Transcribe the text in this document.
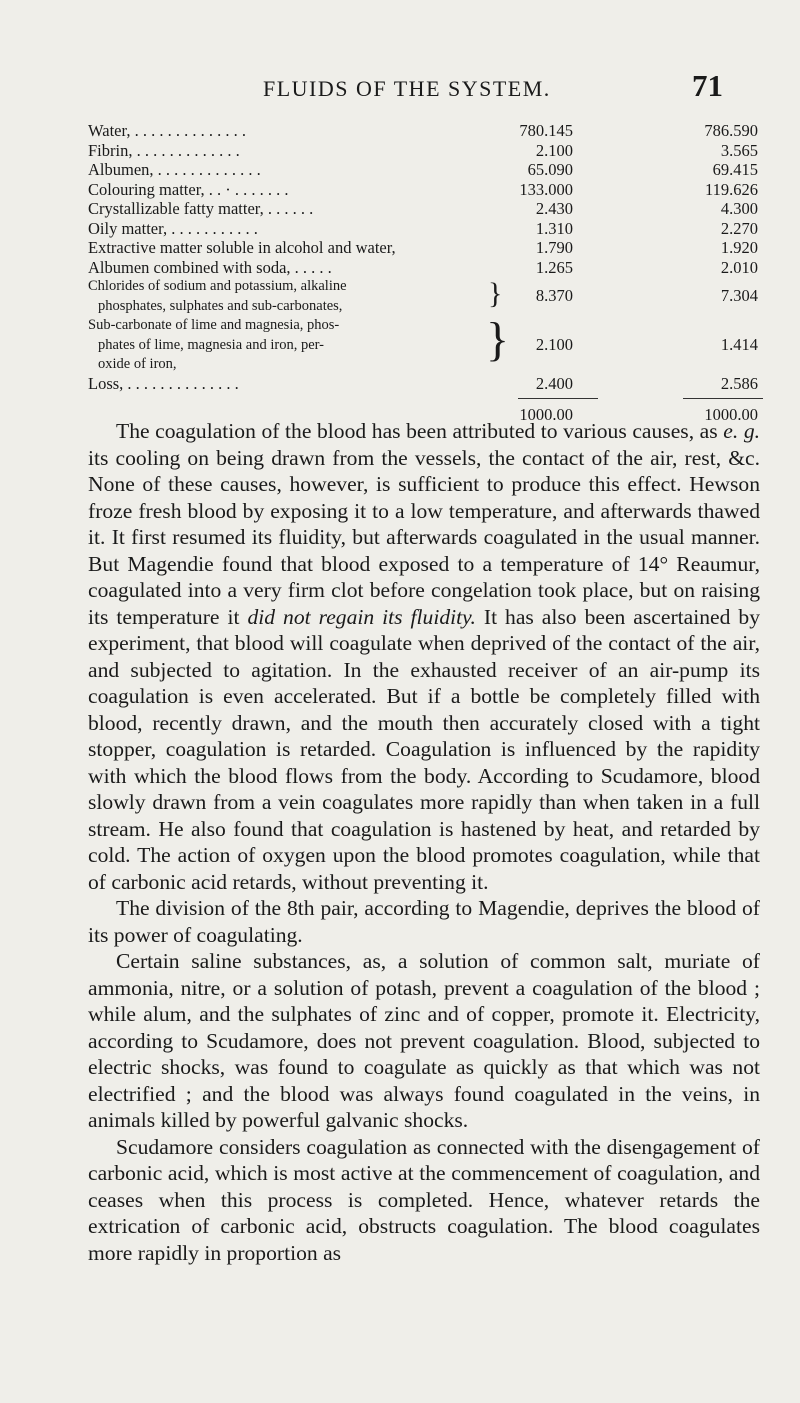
FLUIDS OF THE SYSTEM.	71
Water, . . . . . . . . . . . . . .	780.145	786.590
Fibrin, . . . . . . . . . . . . .	2.100	3.565
Albumen, . . . . . . . . . . . . .	65.090	69.415
Colouring matter, . . · . . . . . . .	133.000	119.626
Crystallizable fatty matter, . . . . . .	2.430	4.300
Oily matter, . . . . . . . . . . .	1.310	2.270
Extractive matter soluble in alcohol and water,	1.790	1.920
Albumen combined with soda, . . . . .	1.265	2.010
Chlorides of sodium and potassium, alkaline
phosphates, sulphates and sub-carbonates,	} 8.370	7.304
Sub-carbonate of lime and magnesia, phos-
phates of lime, magnesia and iron, per-
oxide of iron,	} 2.100	1.414
Loss, . . . . . . . . . . . . . .	2.400	2.586
1000.00	1000.00

The coagulation of the blood has been attributed to various causes, as e. g. its cooling on being drawn from the vessels, the contact of the air, rest, &c. None of these causes, however, is sufficient to produce this effect. Hewson froze fresh blood by exposing it to a low temperature, and afterwards thawed it. It first resumed its fluidity, but afterwards coagulated in the usual manner. But Magendie found that blood exposed to a temperature of 14° Reaumur, coagulated into a very firm clot before congelation took place, but on raising its temperature it did not regain its fluidity. It has also been ascertained by experiment, that blood will coagulate when deprived of the contact of the air, and subjected to agitation. In the exhausted receiver of an air-pump its coagulation is even accelerated. But if a bottle be completely filled with blood, recently drawn, and the mouth then accurately closed with a tight stopper, coagulation is retarded. Coagulation is influenced by the rapidity with which the blood flows from the body. According to Scudamore, blood slowly drawn from a vein coagulates more rapidly than when taken in a full stream. He also found that coagulation is hastened by heat, and retarded by cold. The action of oxygen upon the blood promotes coagulation, while that of carbonic acid retards, without preventing it.

The division of the 8th pair, according to Magendie, deprives the blood of its power of coagulating.

Certain saline substances, as, a solution of common salt, muriate of ammonia, nitre, or a solution of potash, prevent a coagulation of the blood ; while alum, and the sulphates of zinc and of copper, promote it. Electricity, according to Scudamore, does not prevent coagulation. Blood, subjected to electric shocks, was found to coagulate as quickly as that which was not electrified ; and the blood was always found coagulated in the veins, in animals killed by powerful galvanic shocks.

Scudamore considers coagulation as connected with the disengagement of carbonic acid, which is most active at the commencement of coagulation, and ceases when this process is completed. Hence, whatever retards the extrication of carbonic acid, obstructs coagulation. The blood coagulates more rapidly in proportion as
